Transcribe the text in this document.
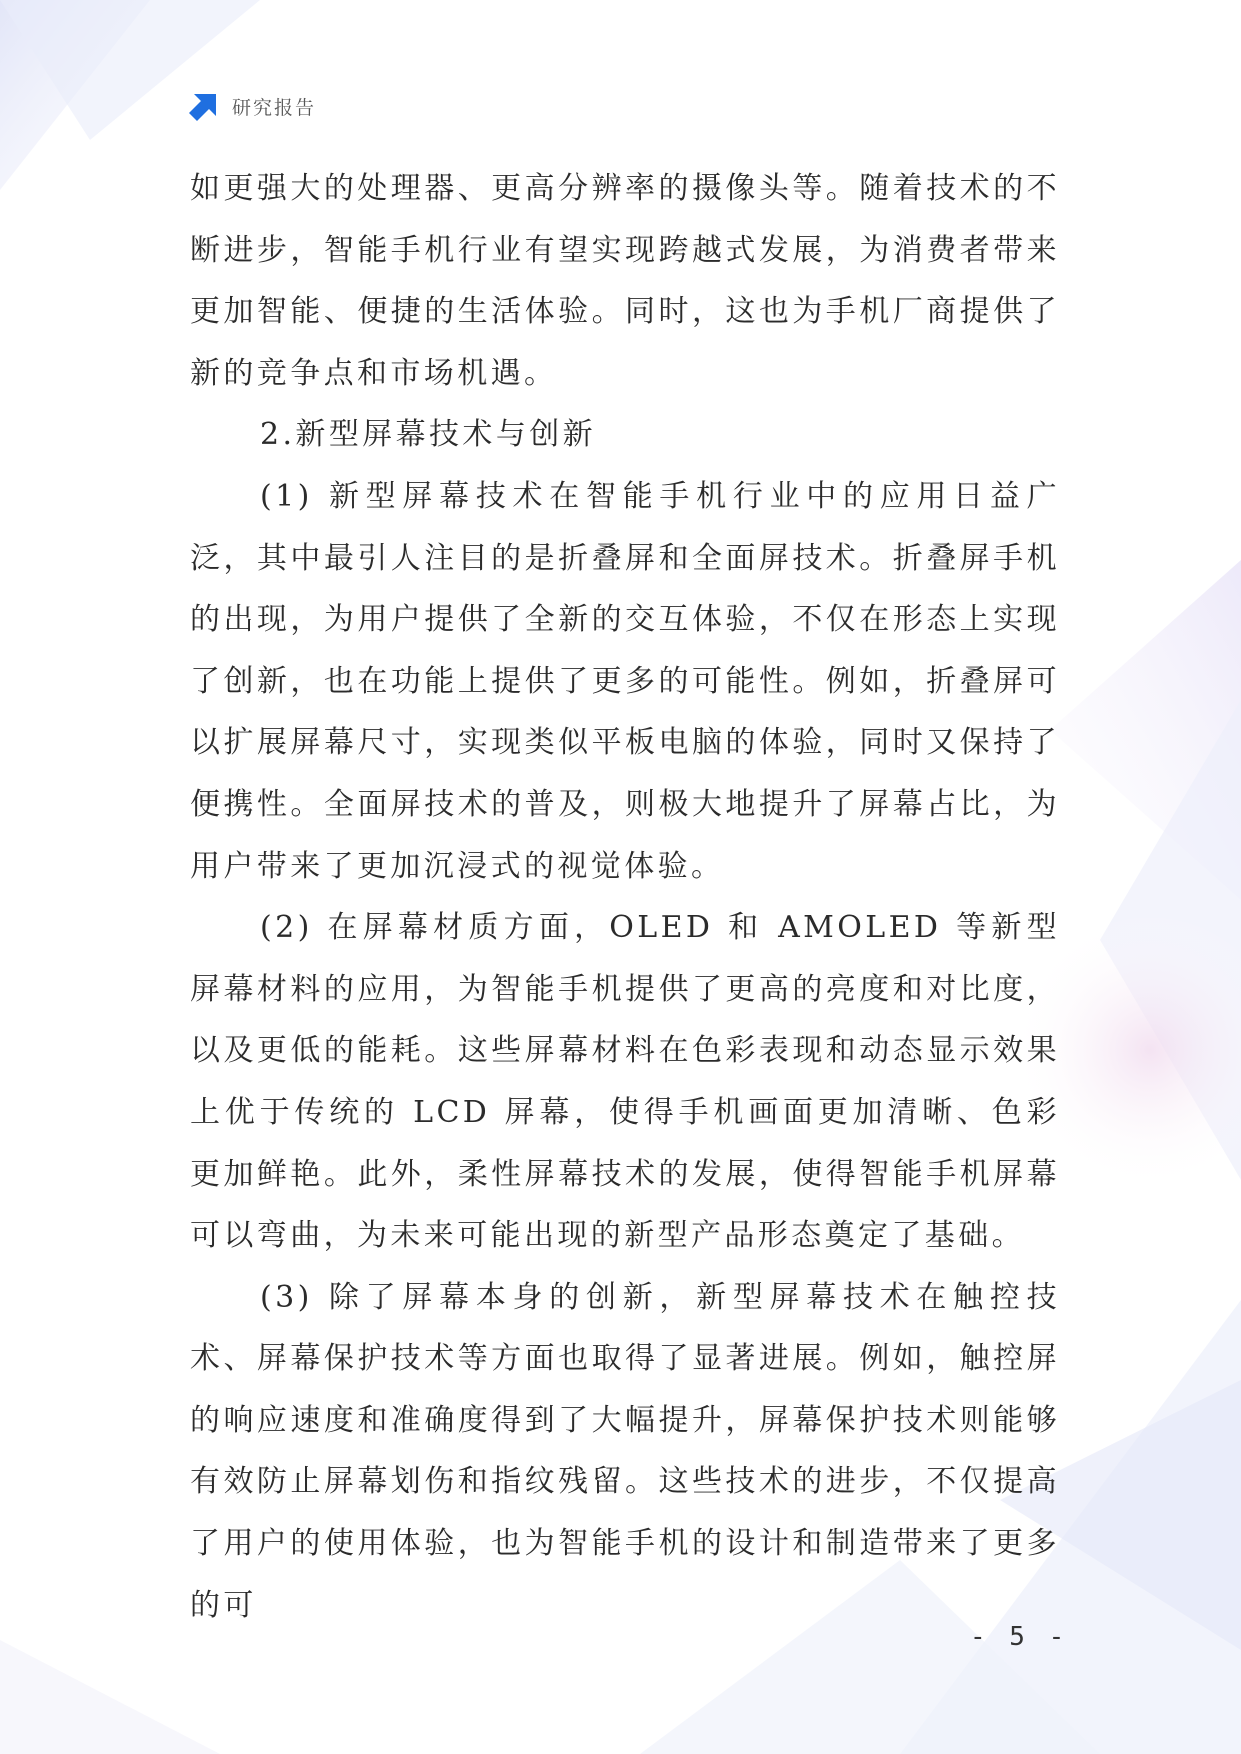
研究报告

如更强大的处理器、更高分辨率的摄像头等。随着技术的不断进步，智能手机行业有望实现跨越式发展，为消费者带来更加智能、便捷的生活体验。同时，这也为手机厂商提供了新的竞争点和市场机遇。

2.新型屏幕技术与创新

(1) 新型屏幕技术在智能手机行业中的应用日益广泛，其中最引人注目的是折叠屏和全面屏技术。折叠屏手机的出现，为用户提供了全新的交互体验，不仅在形态上实现了创新，也在功能上提供了更多的可能性。例如，折叠屏可以扩展屏幕尺寸，实现类似平板电脑的体验，同时又保持了便携性。全面屏技术的普及，则极大地提升了屏幕占比，为用户带来了更加沉浸式的视觉体验。

(2) 在屏幕材质方面，OLED 和 AMOLED 等新型屏幕材料的应用，为智能手机提供了更高的亮度和对比度，以及更低的能耗。这些屏幕材料在色彩表现和动态显示效果上优于传统的 LCD 屏幕，使得手机画面更加清晰、色彩更加鲜艳。此外，柔性屏幕技术的发展，使得智能手机屏幕可以弯曲，为未来可能出现的新型产品形态奠定了基础。

(3) 除了屏幕本身的创新，新型屏幕技术在触控技术、屏幕保护技术等方面也取得了显著进展。例如，触控屏的响应速度和准确度得到了大幅提升，屏幕保护技术则能够有效防止屏幕划伤和指纹残留。这些技术的进步，不仅提高了用户的使用体验，也为智能手机的设计和制造带来了更多的可

- 5 -
